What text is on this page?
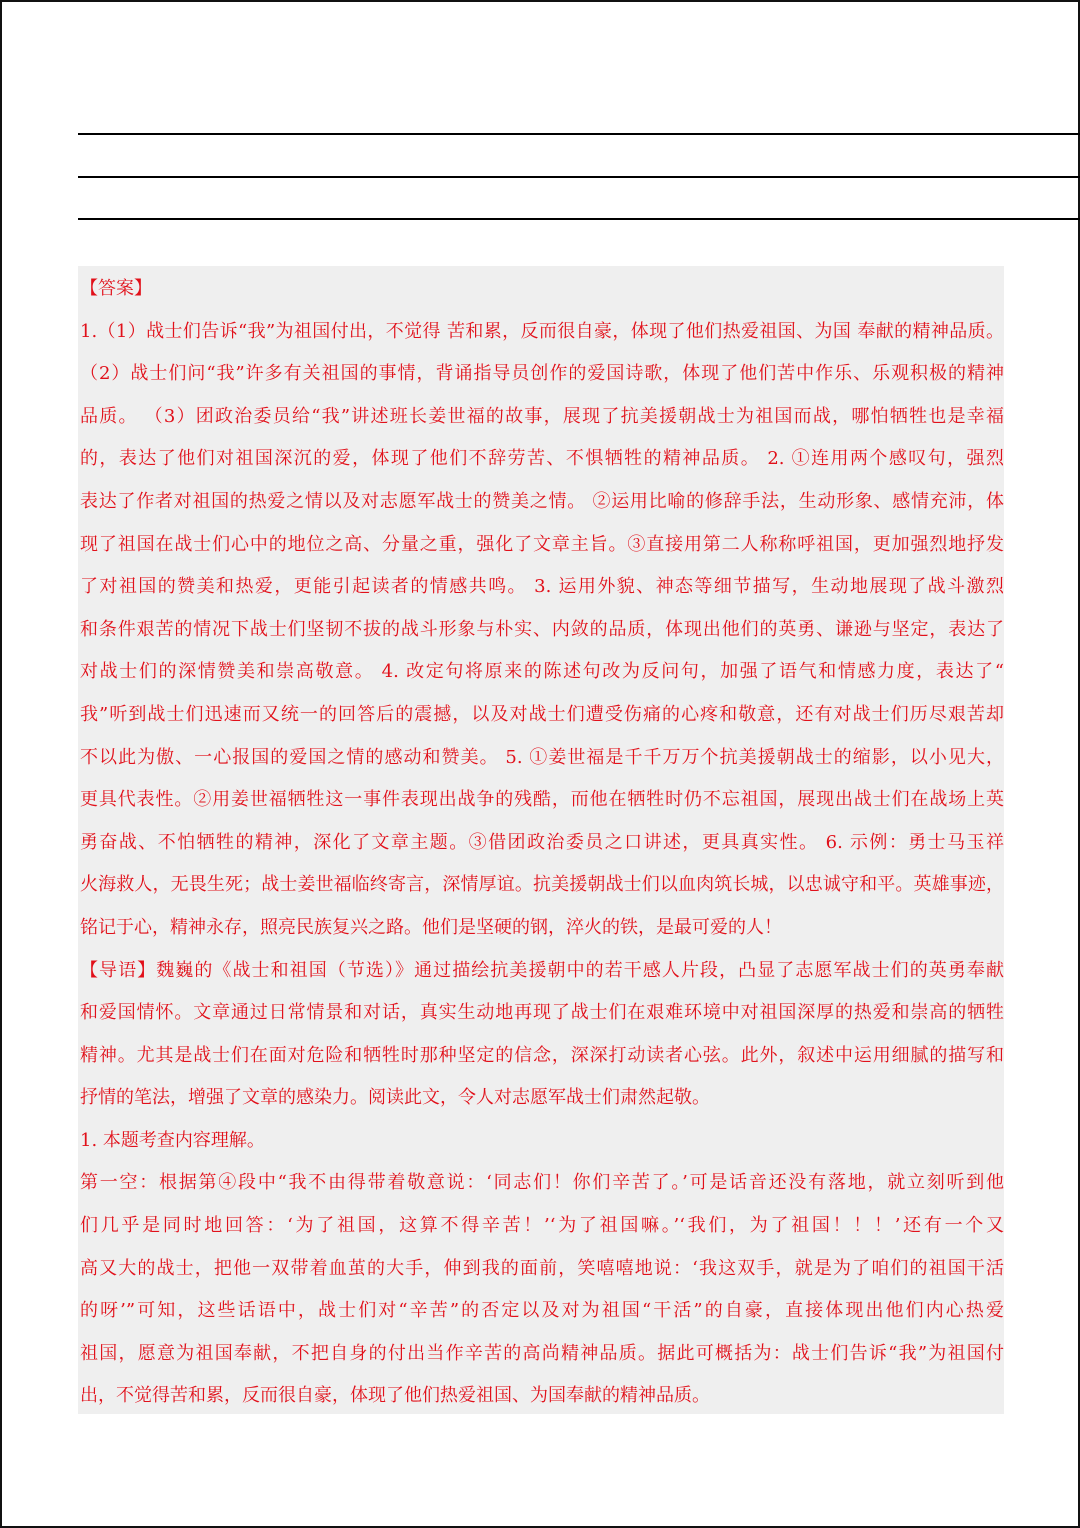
【答案】
1.（1）战士们告诉“我”为祖国付出，不觉得 苦和累，反而很自豪，体现了他们热爱祖国、为国 奉献的精神品质。
（2）战士们问“我”许多有关祖国的事情，背诵指导员创作的爱国诗歌，体现了他们苦中作乐、乐观积极的精神
品质。 （3）团政治委员给“我”讲述班长姜世福的故事，展现了抗美援朝战士为祖国而战，哪怕牺牲也是幸福
的，表达了他们对祖国深沉的爱，体现了他们不辞劳苦、不惧牺牲的精神品质。 2. ①连用两个感叹句，强烈
表达了作者对祖国的热爱之情以及对志愿军战士的赞美之情。 ②运用比喻的修辞手法，生动形象、感情充沛，体
现了祖国在战士们心中的地位之高、分量之重，强化了文章主旨。③直接用第二人称称呼祖国，更加强烈地抒发
了对祖国的赞美和热爱，更能引起读者的情感共鸣。 3. 运用外貌、神态等细节描写，生动地展现了战斗激烈
和条件艰苦的情况下战士们坚韧不拔的战斗形象与朴实、内敛的品质，体现出他们的英勇、谦逊与坚定，表达了
对战士们的深情赞美和崇高敬意。 4. 改定句将原来的陈述句改为反问句，加强了语气和情感力度，表达了“
我”听到战士们迅速而又统一的回答后的震撼，以及对战士们遭受伤痛的心疼和敬意，还有对战士们历尽艰苦却
不以此为傲、一心报国的爱国之情的感动和赞美。 5. ①姜世福是千千万万个抗美援朝战士的缩影，以小见大，
更具代表性。②用姜世福牺牲这一事件表现出战争的残酷，而他在牺牲时仍不忘祖国，展现出战士们在战场上英
勇奋战、不怕牺牲的精神，深化了文章主题。③借团政治委员之口讲述，更具真实性。 6. 示例：勇士马玉祥
火海救人，无畏生死；战士姜世福临终寄言，深情厚谊。抗美援朝战士们以血肉筑长城，以忠诚守和平。英雄事迹，
铭记于心，精神永存，照亮民族复兴之路。他们是坚硬的钢，淬火的铁，是最可爱的人！
【导语】魏巍的《战士和祖国（节选）》通过描绘抗美援朝中的若干感人片段，凸显了志愿军战士们的英勇奉献
和爱国情怀。文章通过日常情景和对话，真实生动地再现了战士们在艰难环境中对祖国深厚的热爱和崇高的牺牲
精神。尤其是战士们在面对危险和牺牲时那种坚定的信念，深深打动读者心弦。此外，叙述中运用细腻的描写和
抒情的笔法，增强了文章的感染力。阅读此文，令人对志愿军战士们肃然起敬。
1. 本题考查内容理解。
第一空：根据第④段中“我不由得带着敬意说：‘同志们！你们辛苦了。’可是话音还没有落地，就立刻听到他
们几乎是同时地回答：‘为了祖国，这算不得辛苦！’‘为了祖国嘛。’‘我们，为了祖国！！！’还有一个又
高又大的战士，把他一双带着血茧的大手，伸到我的面前，笑嘻嘻地说：‘我这双手，就是为了咱们的祖国干活
的呀’”可知，这些话语中，战士们对“辛苦”的否定以及对为祖国“干活”的自豪，直接体现出他们内心热爱
祖国，愿意为祖国奉献，不把自身的付出当作辛苦的高尚精神品质。据此可概括为：战士们告诉“我”为祖国付
出，不觉得苦和累，反而很自豪，体现了他们热爱祖国、为国奉献的精神品质。
